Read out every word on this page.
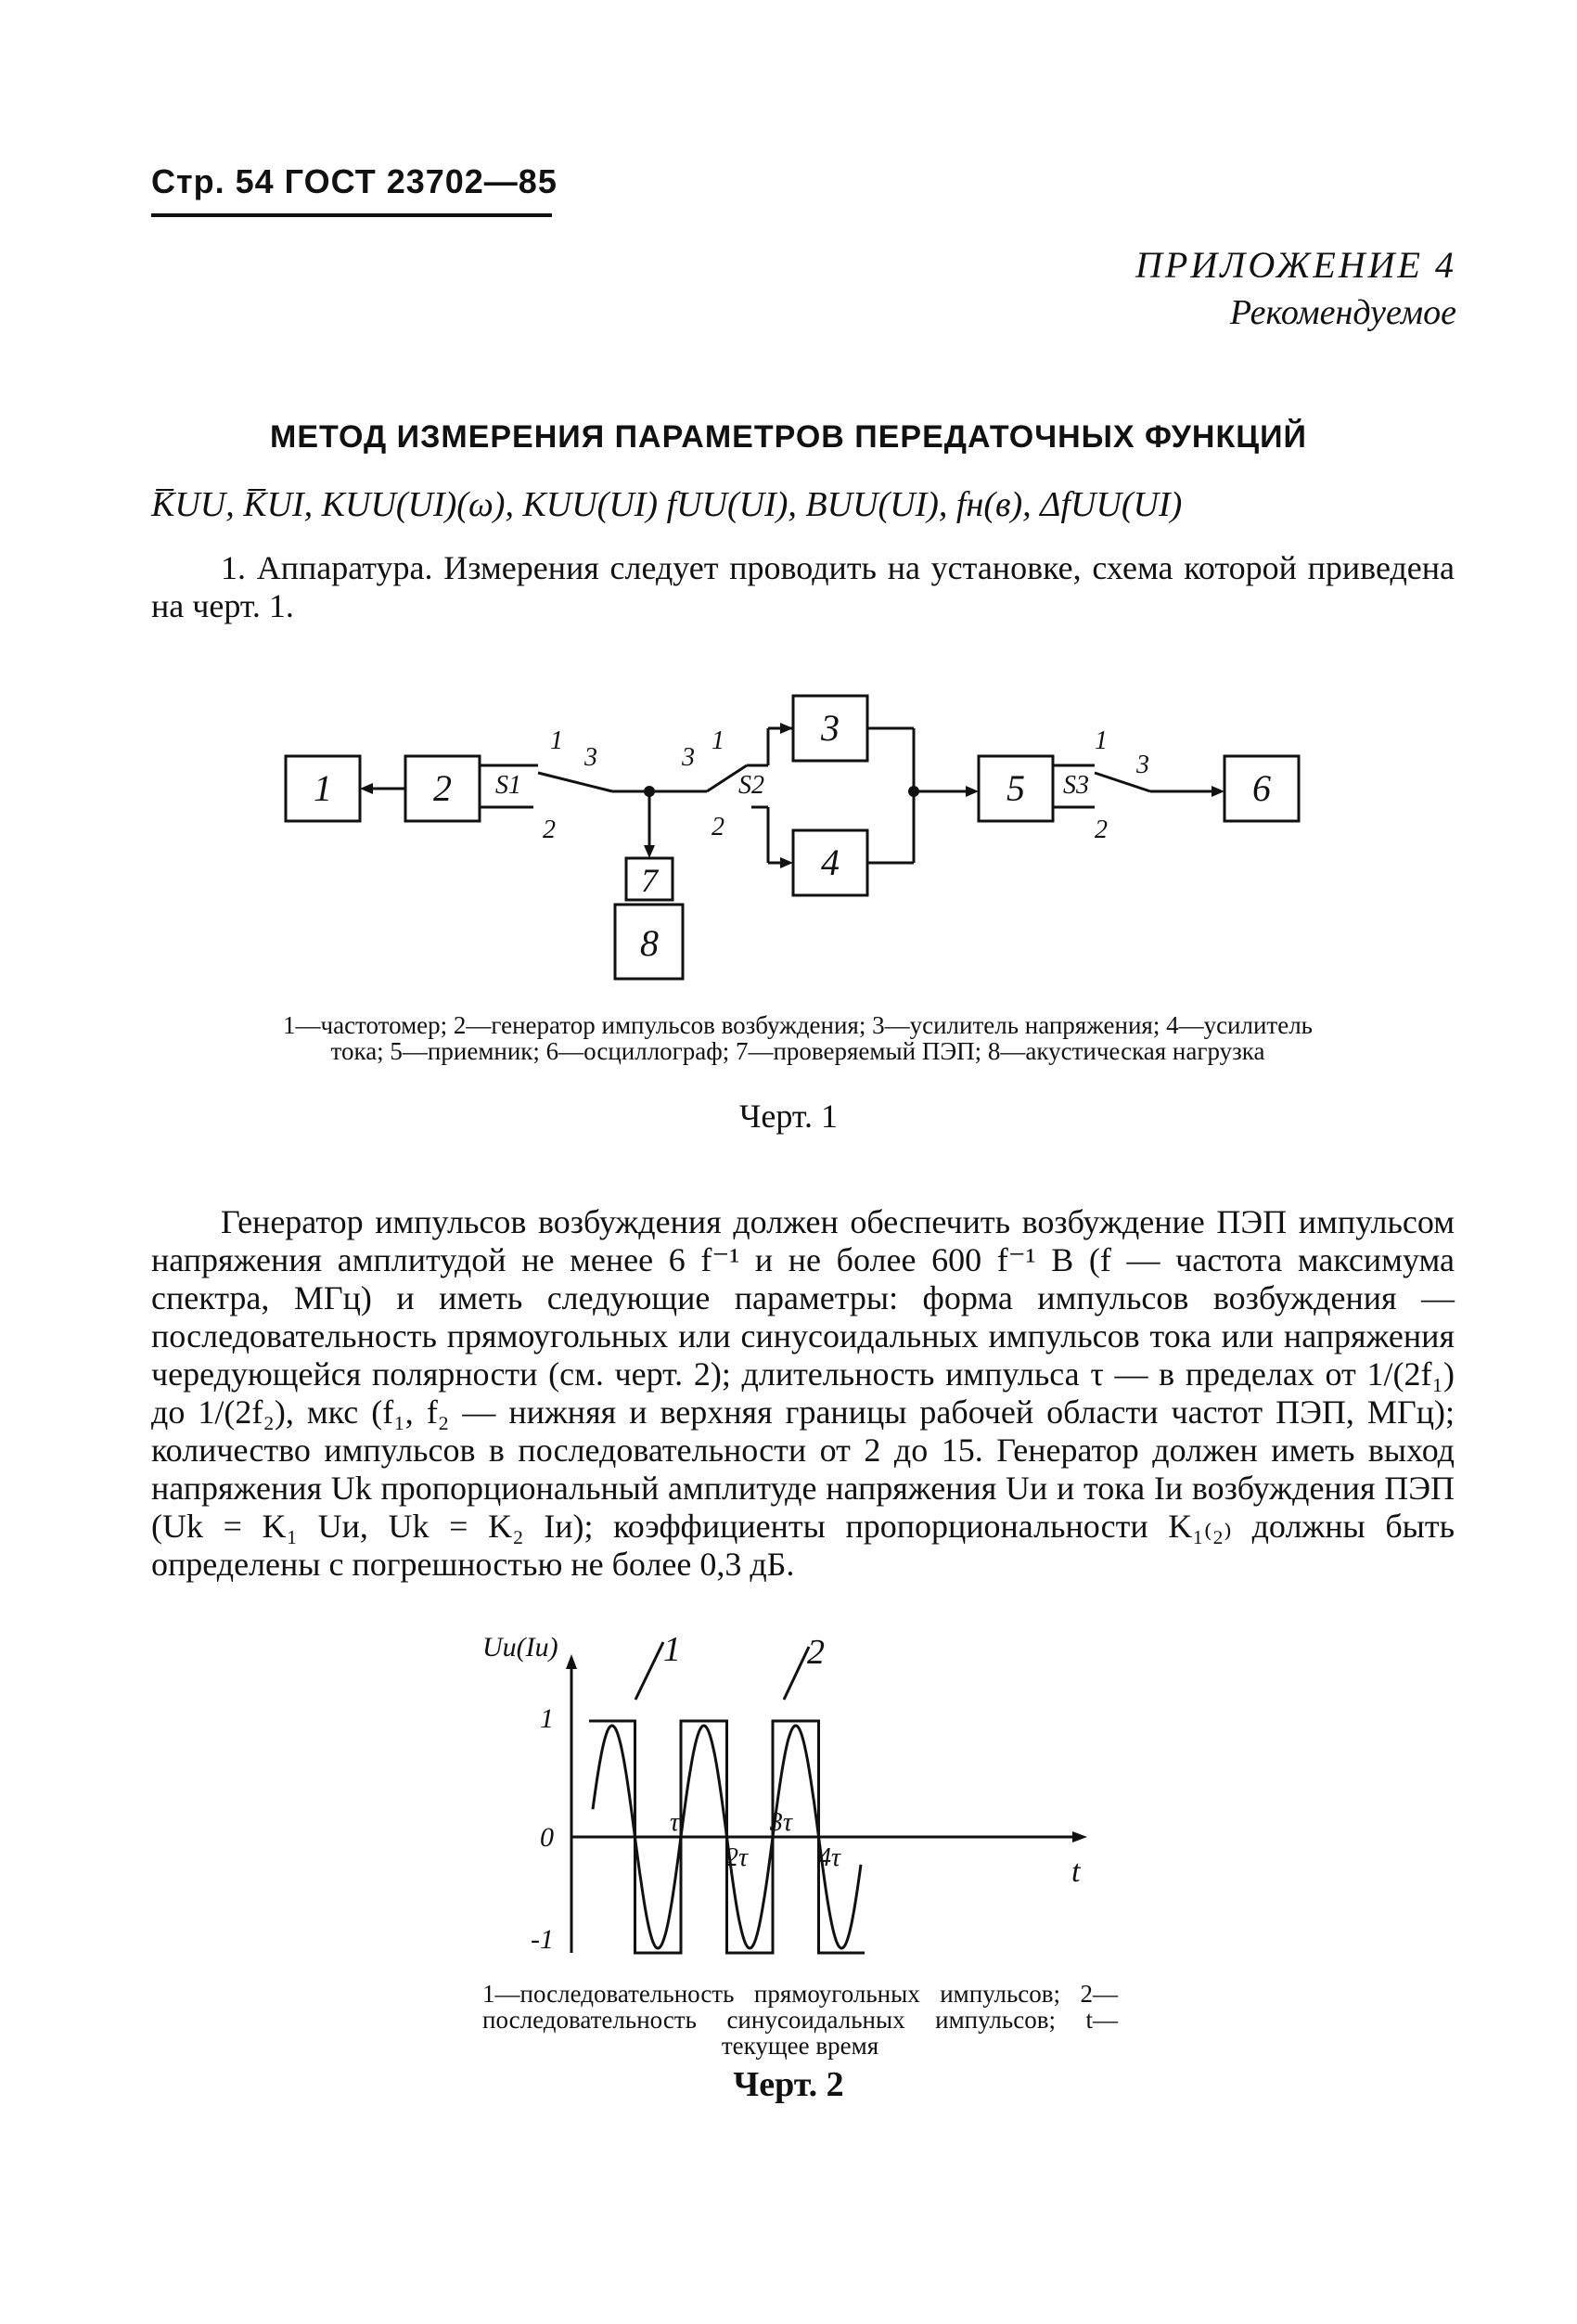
Стр. 54 ГОСТ 23702—85
ПРИЛОЖЕНИЕ 4
Рекомендуемое
МЕТОД ИЗМЕРЕНИЯ ПАРАМЕТРОВ ПЕРЕДАТОЧНЫХ ФУНКЦИЙ
K̅UU, K̅UI, KUU(UI)(ω), KUU(UI) fUU(UI), BUU(UI), fн(в), ΔfUU(UI)
1. Аппаратура. Измерения следует проводить на установке, схема которой приведена на черт. 1.
1	2
3
4
5	6
7
8
S1	S2	S3
1
2
3	3
1
2
1
2
3
1—частотомер; 2—генератор импульсов возбуждения; 3—усилитель напряжения; 4—усилитель тока; 5—приемник; 6—осциллограф; 7—проверяемый ПЭП; 8—акустическая нагрузка
Черт. 1
Генератор импульсов возбуждения должен обеспечить возбуждение ПЭП импульсом напряжения амплитудой не менее 6 f⁻¹ и не более 600 f⁻¹ В (f — частота максимума спектра, МГц) и иметь следующие параметры: форма импульсов возбуждения — последовательность прямоугольных или синусоидальных импульсов тока или напряжения чередующейся полярности (см. черт. 2); длительность импульса τ — в пределах от 1/(2f₁) до 1/(2f₂), мкс (f₁, f₂ — нижняя и верхняя границы рабочей области частот ПЭП, МГц); количество импульсов в последовательности от 2 до 15. Генератор должен иметь выход напряжения Uk пропорциональный амплитуде напряжения Uи и тока Iи возбуждения ПЭП (Uk = K₁ Uи, Uk = K₂ Iи); коэффициенты пропорциональности K₁₍₂₎ должны быть определены с погрешностью не более 0,3 дБ.
Uи(Iи)
t
1
0
-1
1	2
τ
2τ
3τ
4τ
1—последовательность прямоугольных импульсов; 2—последовательность синусоидальных импульсов; t—текущее время
Черт. 2
